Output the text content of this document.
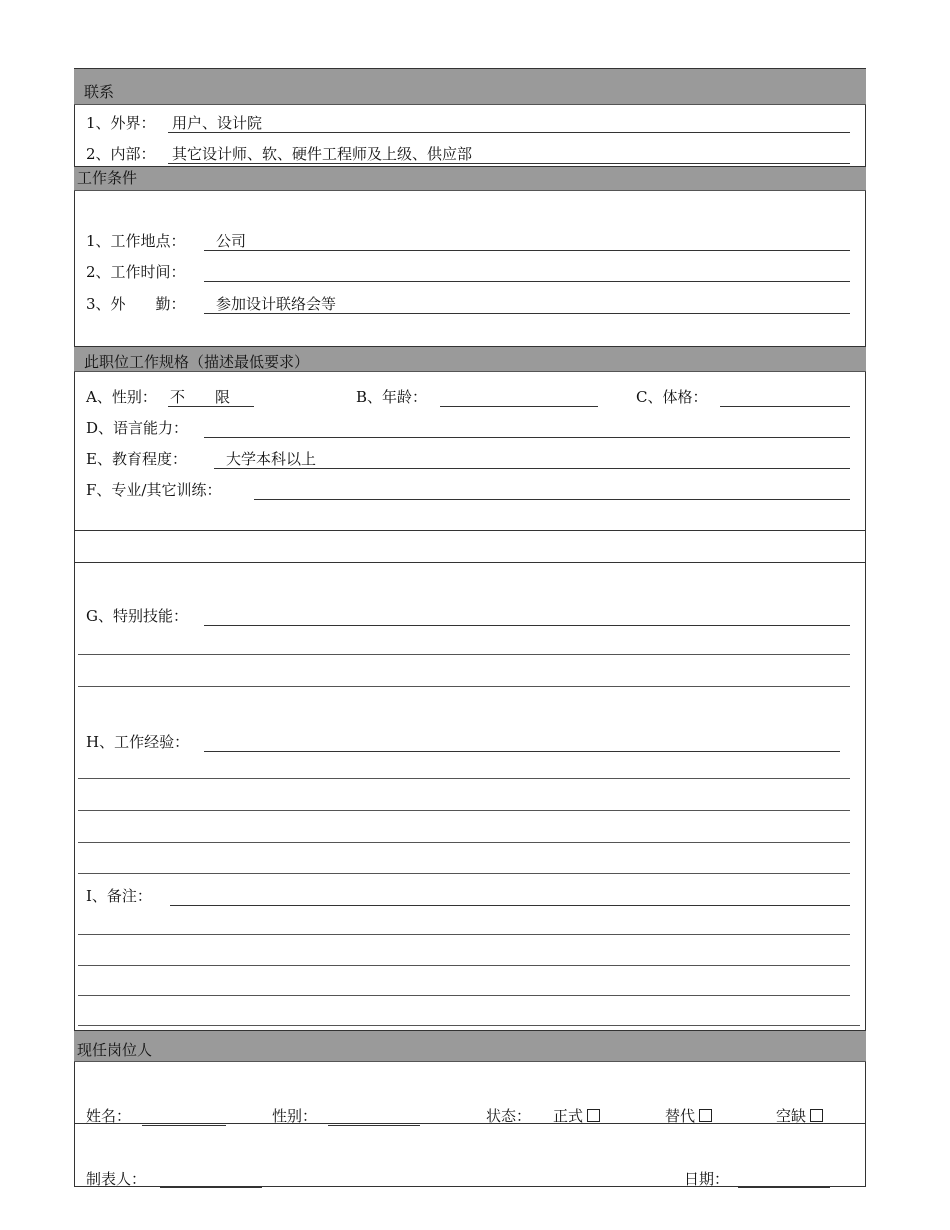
联系
1、外界： 用户、设计院
2、内部： 其它设计师、软、硬件工程师及上级、供应部
工作条件
1、工作地点：	公司
2、工作时间：
3、外　　勤：	参加设计联络会等
此职位工作规格（描述最低要求）
A、性别： 不　　限	B、年龄：	C、体格：
D、语言能力：
E、教育程度：	大学本科以上
F、专业/其它训练：
G、特别技能：
H、工作经验：
I、备注：
现任岗位人
姓名：	性别：	状态： 正式	替代	空缺
制表人：	日期：
